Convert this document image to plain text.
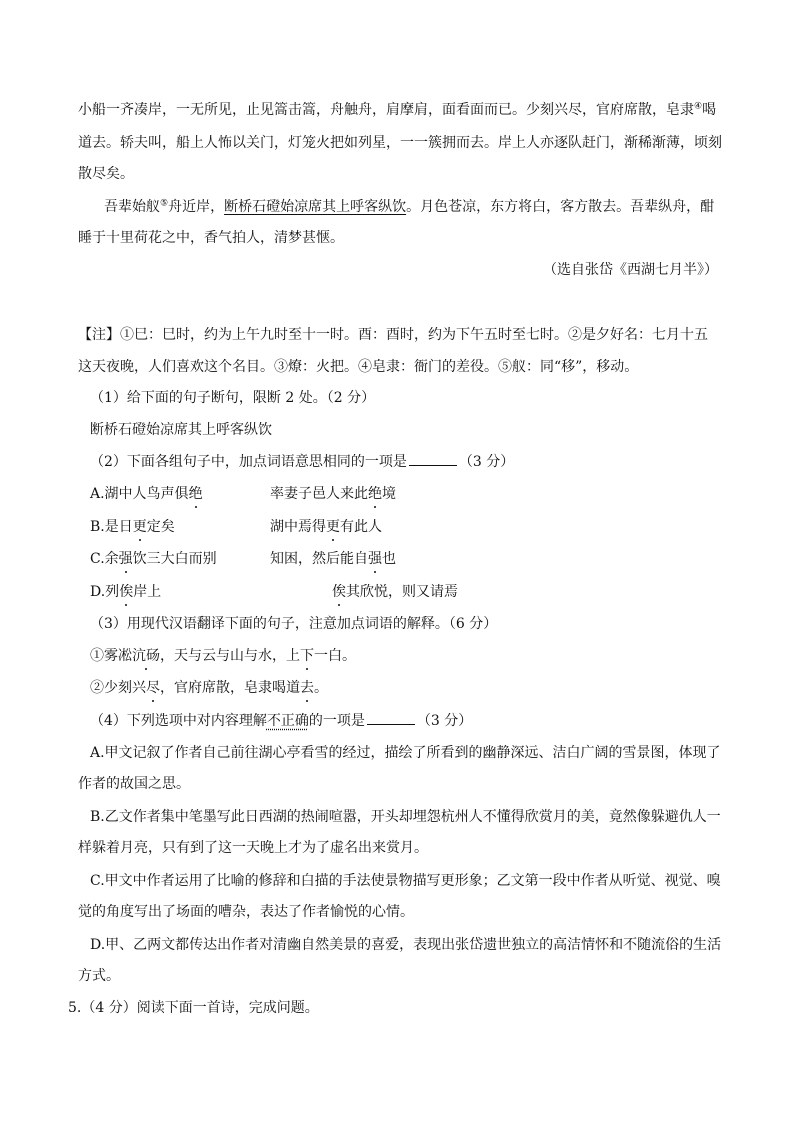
小船一齐凑岸，一无所见，止见篙击篙，舟触舟，肩摩肩，面看面而已。少刻兴尽，官府席散，皂隶④喝
道去。轿夫叫，船上人怖以关门，灯笼火把如列星，一一簇拥而去。岸上人亦逐队赶门，渐稀渐薄，顷刻
散尽矣。
吾辈始舣⑤舟近岸，断桥石磴始凉席其上呼客纵饮。月色苍凉，东方将白，客方散去。吾辈纵舟，酣
睡于十里荷花之中，香气拍人，清梦甚惬。
（选自张岱《西湖七月半》）
【注】①巳：巳时，约为上午九时至十一时。酉：酉时，约为下午五时至七时。②是夕好名：七月十五
这天夜晚，人们喜欢这个名目。③燎：火把。④皂隶：衙门的差役。⑤舣：同“移”，移动。
（1）给下面的句子断句，限断 2 处。（2 分）
断桥石磴始凉席其上呼客纵饮
（2）下面各组句子中，加点词语意思相同的一项是	（3 分）
A.湖中人鸟声俱绝	率妻子邑人来此绝境
B.是日更定矣	湖中焉得更有此人
C.余强饮三大白而别	知困，然后能自强也
D.列俟岸上	俟其欣悦，则又请焉
（3）用现代汉语翻译下面的句子，注意加点词语的解释。（6 分）
①雾凇沆砀，天与云与山与水，上下一白。
②少刻兴尽，官府席散，皂隶喝道去。
（4）下列选项中对内容理解不正确的一项是	（3 分）
A.甲文记叙了作者自己前往湖心亭看雪的经过，描绘了所看到的幽静深远、洁白广阔的雪景图，体现了
作者的故国之思。
B.乙文作者集中笔墨写此日西湖的热闹喧嚣，开头却埋怨杭州人不懂得欣赏月的美，竟然像躲避仇人一
样躲着月亮，只有到了这一天晚上才为了虚名出来赏月。
C.甲文中作者运用了比喻的修辞和白描的手法使景物描写更形象；乙文第一段中作者从听觉、视觉、嗅
觉的角度写出了场面的嘈杂，表达了作者愉悦的心情。
D.甲、乙两文都传达出作者对清幽自然美景的喜爱，表现出张岱遗世独立的高洁情怀和不随流俗的生活
方式。
5.（4 分）阅读下面一首诗，完成问题。
